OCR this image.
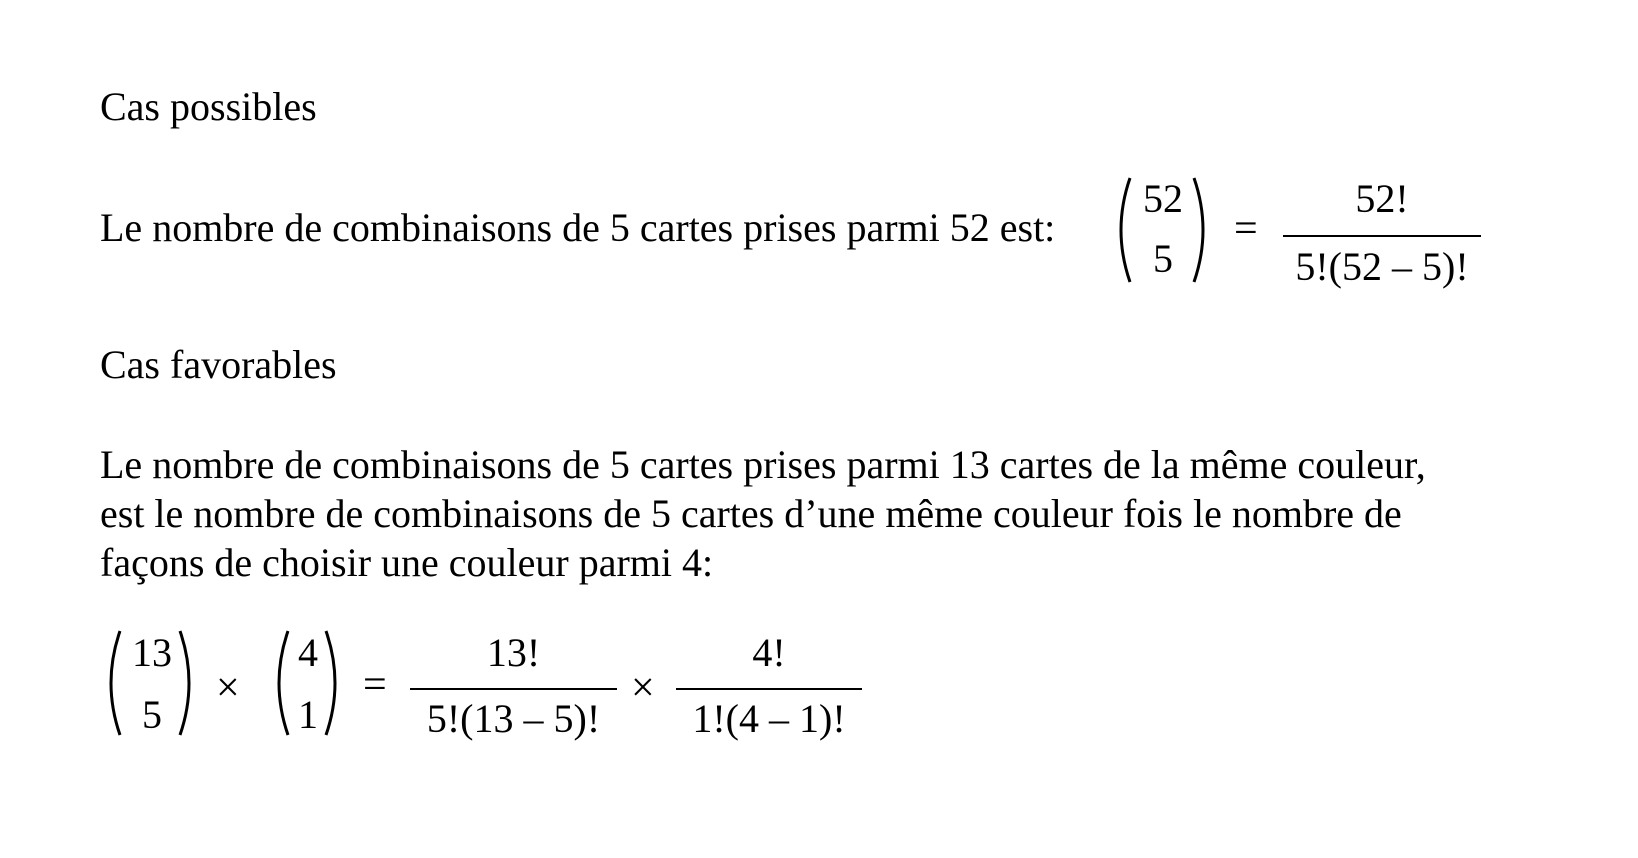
Cas possibles
Le nombre de combinaisons de 5 cartes prises parmi 52 est:
52
5
=
52!
5!(52 – 5)!
Cas favorables
Le nombre de combinaisons de 5 cartes prises parmi 13 cartes de la même couleur,
est le nombre de combinaisons de 5 cartes d’une même couleur fois le nombre de
façons de choisir une couleur parmi 4:
13
5
×
4
1
=
13!
5!(13 – 5)!
×
4!
1!(4 – 1)!
